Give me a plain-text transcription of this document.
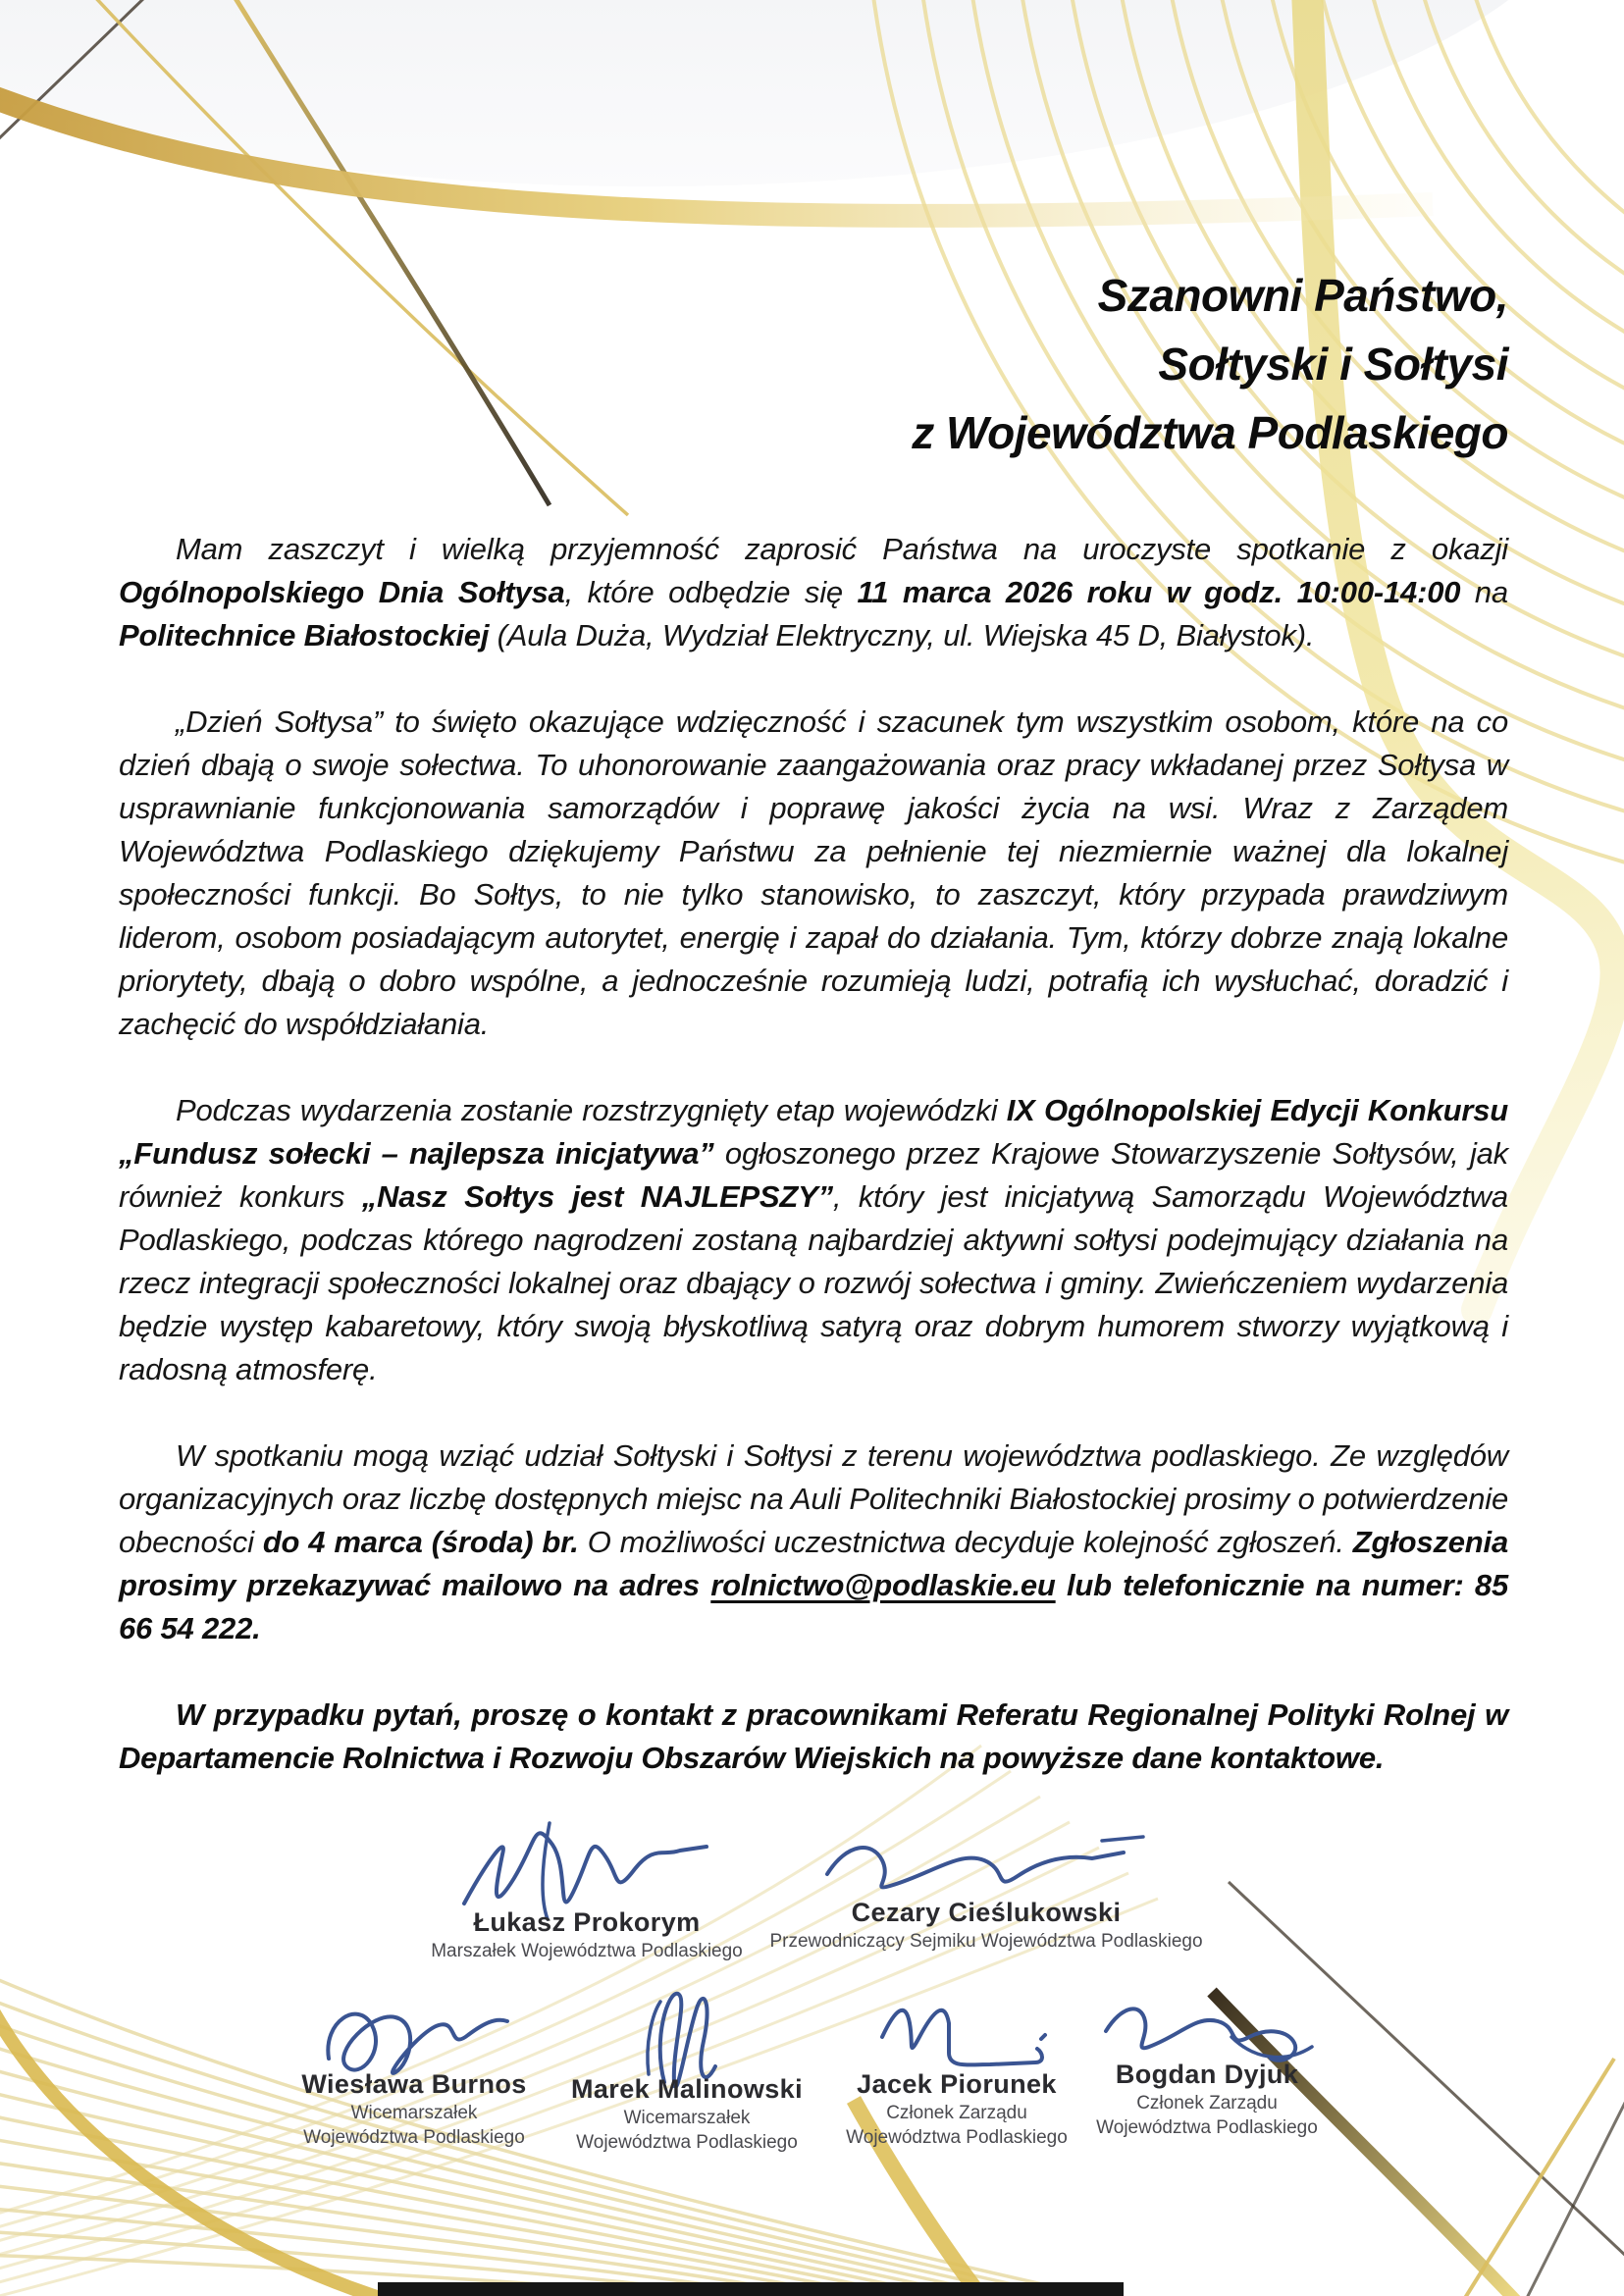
Szanowni Państwo,
Sołtyski i Sołtysi
z Województwa Podlaskiego

Mam zaszczyt i wielką przyjemność zaprosić Państwa na uroczyste spotkanie z okazji Ogólnopolskiego Dnia Sołtysa, które odbędzie się 11 marca 2026 roku w godz. 10:00-14:00 na Politechnice Białostockiej (Aula Duża, Wydział Elektryczny, ul. Wiejska 45 D, Białystok).

„Dzień Sołtysa” to święto okazujące wdzięczność i szacunek tym wszystkim osobom, które na co dzień dbają o swoje sołectwa. To uhonorowanie zaangażowania oraz pracy wkładanej przez Sołtysa w usprawnianie funkcjonowania samorządów i poprawę jakości życia na wsi. Wraz z Zarządem Województwa Podlaskiego dziękujemy Państwu za pełnienie tej niezmiernie ważnej dla lokalnej społeczności funkcji. Bo Sołtys, to nie tylko stanowisko, to zaszczyt, który przypada prawdziwym liderom, osobom posiadającym autorytet, energię i zapał do działania. Tym, którzy dobrze znają lokalne priorytety, dbają o dobro wspólne, a jednocześnie rozumieją ludzi, potrafią ich wysłuchać, doradzić i zachęcić do współdziałania.

Podczas wydarzenia zostanie rozstrzygnięty etap wojewódzki IX Ogólnopolskiej Edycji Konkursu „Fundusz sołecki – najlepsza inicjatywa” ogłoszonego przez Krajowe Stowarzyszenie Sołtysów, jak również konkurs „Nasz Sołtys jest NAJLEPSZY”, który jest inicjatywą Samorządu Województwa Podlaskiego, podczas którego nagrodzeni zostaną najbardziej aktywni sołtysi podejmujący działania na rzecz integracji społeczności lokalnej oraz dbający o rozwój sołectwa i gminy. Zwieńczeniem wydarzenia będzie występ kabaretowy, który swoją błyskotliwą satyrą oraz dobrym humorem stworzy wyjątkową i radosną atmosferę.

W spotkaniu mogą wziąć udział Sołtyski i Sołtysi z terenu województwa podlaskiego. Ze względów organizacyjnych oraz liczbę dostępnych miejsc na Auli Politechniki Białostockiej prosimy o potwierdzenie obecności do 4 marca (środa) br. O możliwości uczestnictwa decyduje kolejność zgłoszeń. Zgłoszenia prosimy przekazywać mailowo na adres rolnictwo@podlaskie.eu lub telefonicznie na numer: 85 66 54 222.

W przypadku pytań, proszę o kontakt z pracownikami Referatu Regionalnej Polityki Rolnej w Departamencie Rolnictwa i Rozwoju Obszarów Wiejskich na powyższe dane kontaktowe.

Łukasz Prokorym
Marszałek Województwa Podlaskiego
Cezary Cieślukowski
Przewodniczący Sejmiku Województwa Podlaskiego
Wiesława Burnos
Wicemarszałek
Województwa Podlaskiego
Marek Malinowski
Wicemarszałek
Województwa Podlaskiego
Jacek Piorunek
Członek Zarządu
Województwa Podlaskiego
Bogdan Dyjuk
Członek Zarządu
Województwa Podlaskiego
